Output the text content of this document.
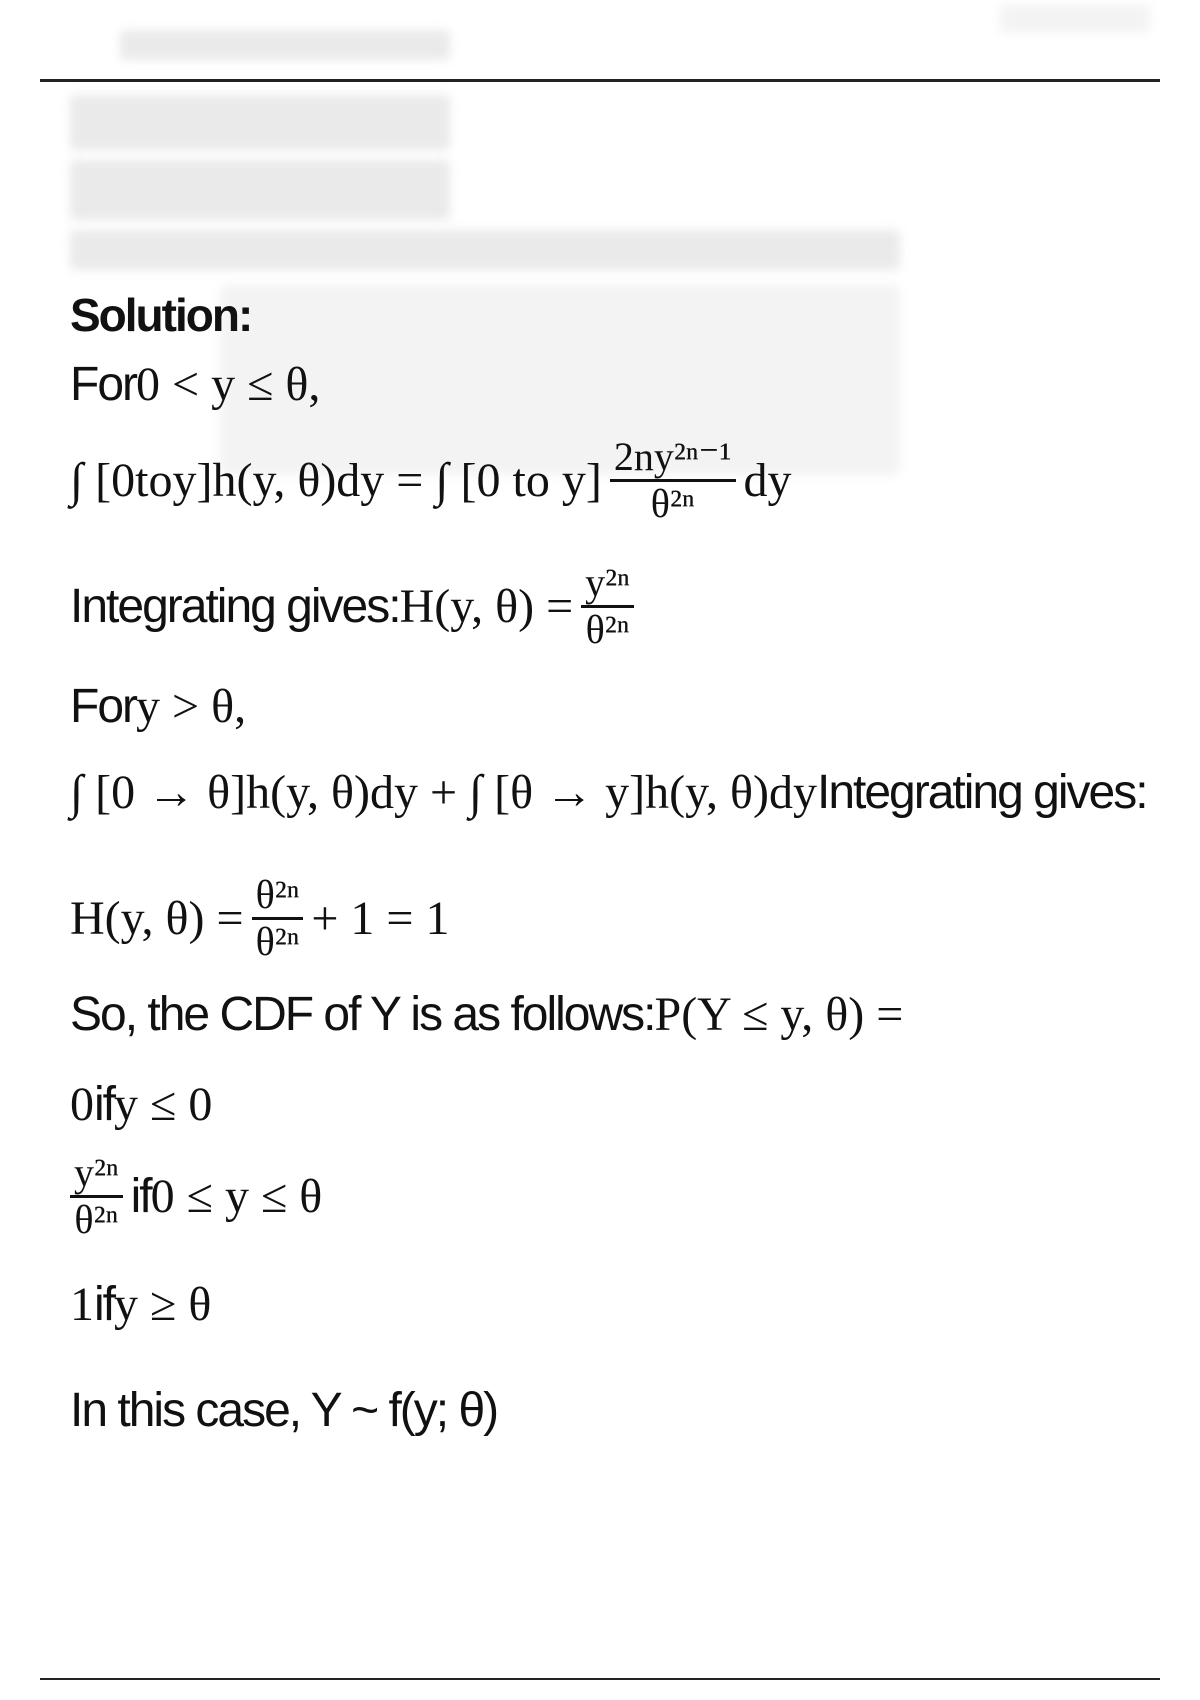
Solution:
For 0 < y ≤ θ,
∫ [0toy]h(y, θ)dy = ∫ [0 to $y] \frac{\text{2ny²ⁿ⁻¹}}{\text{θ²ⁿ}}$ dy
Integrating gives: H(y, $\theta) = \frac{\text{y²ⁿ}}{\text{θ²ⁿ}}$
For y > θ,
∫ [0 → θ]h(y, θ)dy + ∫ [θ → y]h(y, θ)dy Integrating gives:
H(y, $\theta) = \frac{\text{θ²ⁿ}}{\text{θ²ⁿ}} + 1 = 1$
So, the CDF of Y is as follows: P(Y ≤ y, θ) =
0 if y ≤ 0
$\frac{\text{y²ⁿ}}{\text{θ²ⁿ}}$ if 0 ≤ y ≤ θ
1 if y ≥ θ
In this case, Y ~ f(y; θ)
